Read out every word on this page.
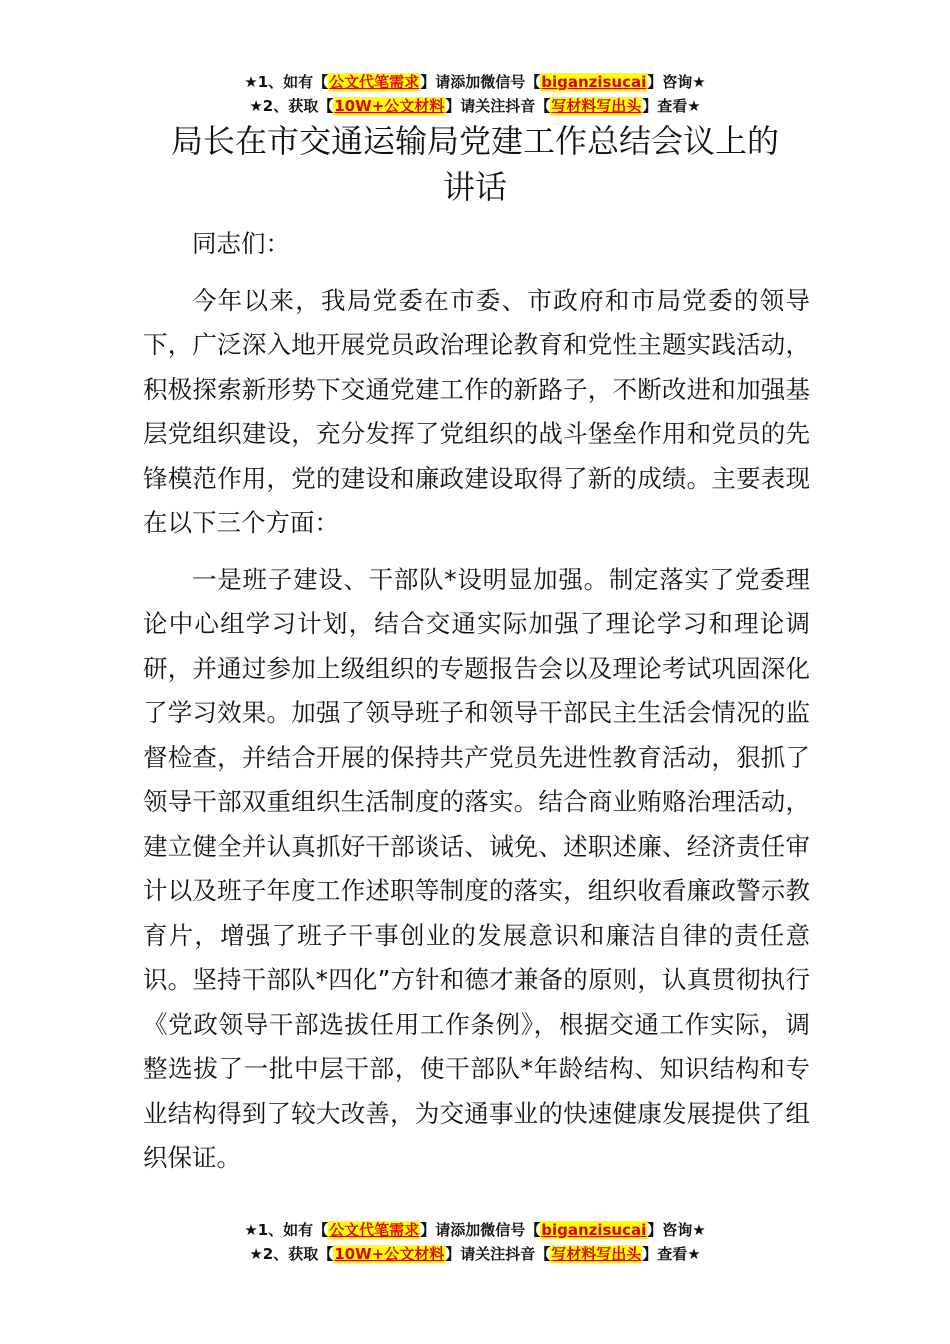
★1、如有【公文代笔需求】请添加微信号【biganzisucai】咨询★
★2、获取【10W+公文材料】请关注抖音【写材料写出头】查看★
局长在市交通运输局党建工作总结会议上的
讲话

同志们：

今年以来，我局党委在市委、市政府和市局党委的领导下，广泛深入地开展党员政治理论教育和党性主题实践活动，积极探索新形势下交通党建工作的新路子，不断改进和加强基层党组织建设，充分发挥了党组织的战斗堡垒作用和党员的先锋模范作用，党的建设和廉政建设取得了新的成绩。主要表现在以下三个方面：

一是班子建设、干部队*设明显加强。制定落实了党委理论中心组学习计划，结合交通实际加强了理论学习和理论调研，并通过参加上级组织的专题报告会以及理论考试巩固深化了学习效果。加强了领导班子和领导干部民主生活会情况的监督检查，并结合开展的保持共产党员先进性教育活动，狠抓了领导干部双重组织生活制度的落实。结合商业贿赂治理活动，建立健全并认真抓好干部谈话、诫免、述职述廉、经济责任审计以及班子年度工作述职等制度的落实，组织收看廉政警示教育片，增强了班子干事创业的发展意识和廉洁自律的责任意识。坚持干部队*四化”方针和德才兼备的原则，认真贯彻执行《党政领导干部选拔任用工作条例》，根据交通工作实际，调整选拔了一批中层干部，使干部队*年龄结构、知识结构和专业结构得到了较大改善，为交通事业的快速健康发展提供了组织保证。

★1、如有【公文代笔需求】请添加微信号【biganzisucai】咨询★
★2、获取【10W+公文材料】请关注抖音【写材料写出头】查看★
